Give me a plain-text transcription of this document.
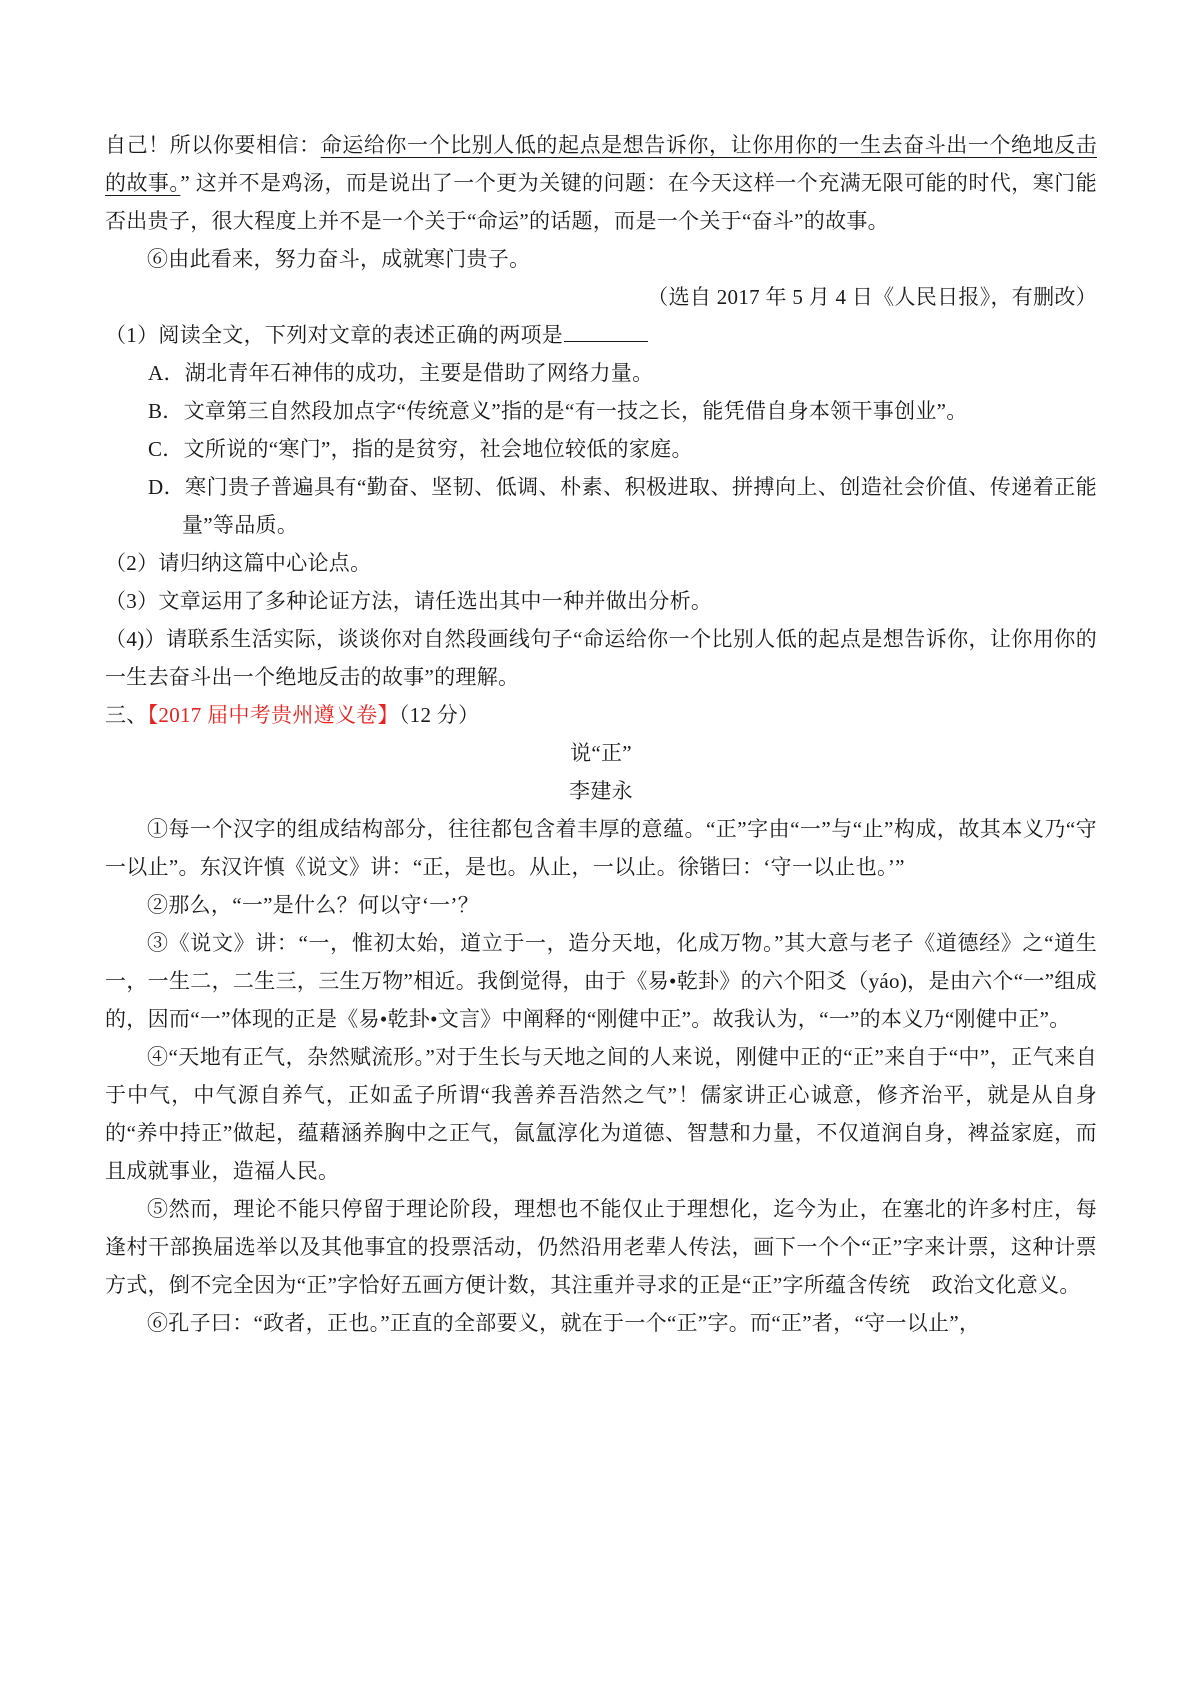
自己！所以你要相信：命运给你一个比别人低的起点是想告诉你，让你用你的一生去奋斗出一个绝地反击的故事。” 这并不是鸡汤，而是说出了一个更为关键的问题：在今天这样一个充满无限可能的时代，寒门能否出贵子，很大程度上并不是一个关于“命运”的话题，而是一个关于“奋斗”的故事。

⑥由此看来，努力奋斗，成就寒门贵子。

（选自 2017 年 5 月 4 日《人民日报》，有删改）

（1）阅读全文，下列对文章的表述正确的两项是

A．湖北青年石神伟的成功，主要是借助了网络力量。

B．文章第三自然段加点字“传统意义”指的是“有一技之长，能凭借自身本领干事创业”。

C．文所说的“寒门”，指的是贫穷，社会地位较低的家庭。

D．寒门贵子普遍具有“勤奋、坚韧、低调、朴素、积极进取、拼搏向上、创造社会价值、传递着正能量”等品质。

（2）请归纳这篇中心论点。

（3）文章运用了多种论证方法，请任选出其中一种并做出分析。

（4)）请联系生活实际，谈谈你对自然段画线句子“命运给你一个比别人低的起点是想告诉你，让你用你的一生去奋斗出一个绝地反击的故事”的理解。

三、【2017 届中考贵州遵义卷】（12 分）

说“正”

李建永

①每一个汉字的组成结构部分，往往都包含着丰厚的意蕴。“正”字由“一”与“止”构成，故其本义乃“守一以止”。东汉许慎《说文》讲：“正，是也。从止，一以止。徐锴曰：‘守一以止也。’”

②那么，“一”是什么？何以守‘一’？

③《说文》讲：“一，惟初太始，道立于一，造分天地，化成万物。”其大意与老子《道德经》之“道生一，一生二，二生三，三生万物”相近。我倒觉得，由于《易•乾卦》的六个阳爻（yáo)，是由六个“一”组成的，因而“一”体现的正是《易•乾卦•文言》中阐释的“刚健中正”。故我认为，“一”的本义乃“刚健中正”。

④“天地有正气，杂然赋流形。”对于生长与天地之间的人来说，刚健中正的“正”来自于“中”，正气来自于中气，中气源自养气，正如孟子所谓“我善养吾浩然之气”！儒家讲正心诚意，修齐治平，就是从自身的“养中持正”做起，蕴藉涵养胸中之正气，氤氲淳化为道德、智慧和力量，不仅道润自身，裨益家庭，而且成就事业，造福人民。

⑤然而，理论不能只停留于理论阶段，理想也不能仅止于理想化，迄今为止，在塞北的许多村庄，每逢村干部换届选举以及其他事宜的投票活动，仍然沿用老辈人传法，画下一个个“正”字来计票，这种计票方式，倒不完全因为“正”字恰好五画方便计数，其注重并寻求的正是“正”字所蕴含传统　政治文化意义。

⑥孔子曰：“政者，正也。”正直的全部要义，就在于一个“正”字。而“正”者，“守一以止”，
